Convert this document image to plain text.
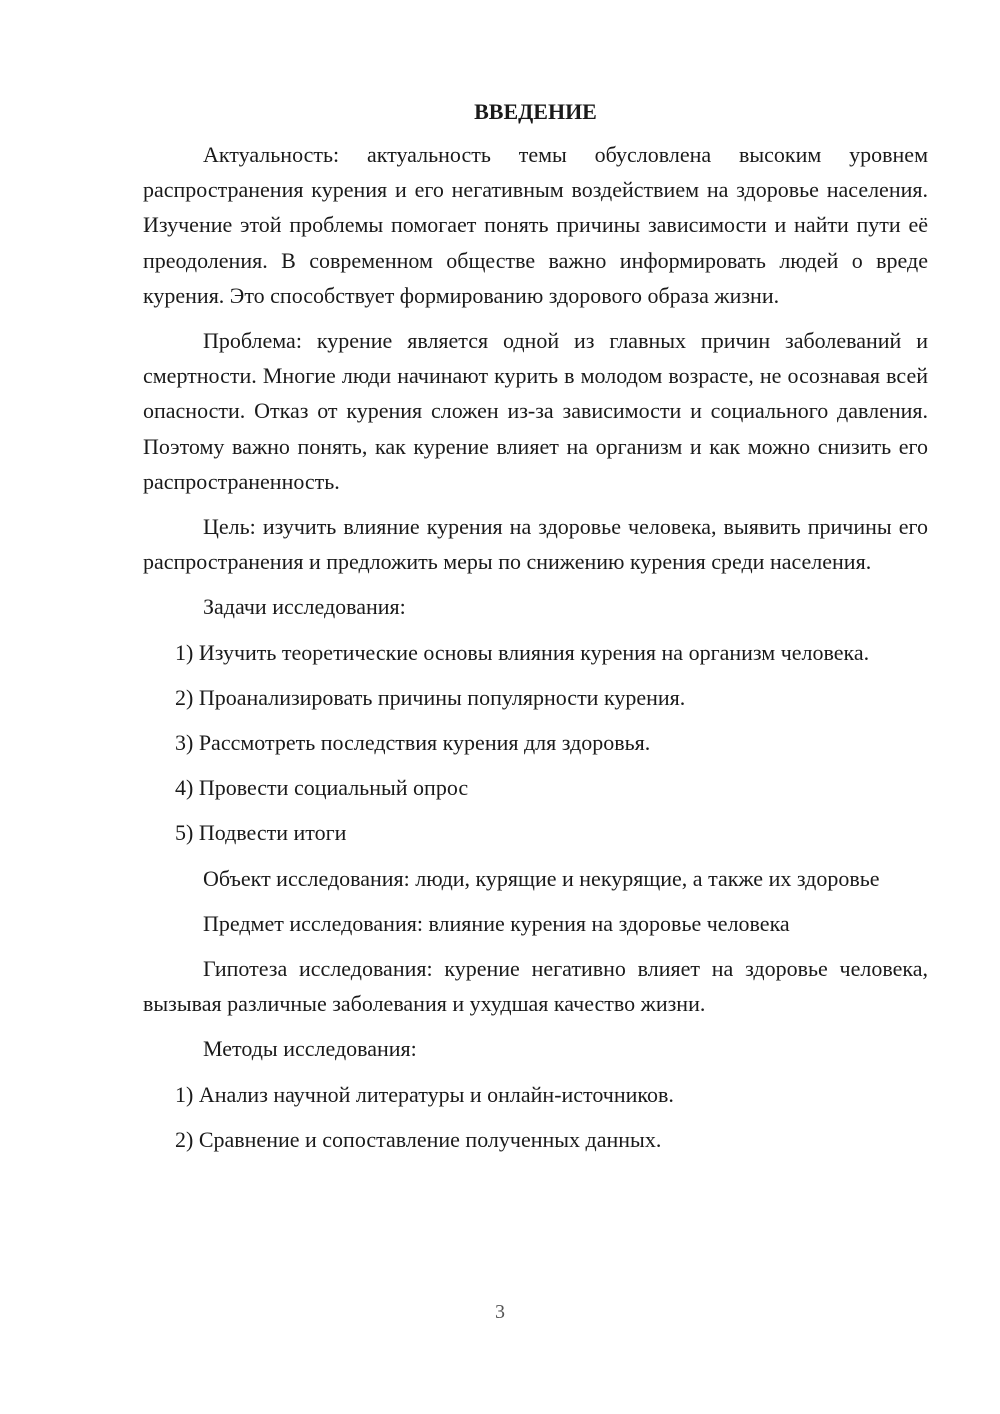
ВВЕДЕНИЕ

Актуальность: актуальность темы обусловлена высоким уровнем распространения курения и его негативным воздействием на здоровье населения. Изучение этой проблемы помогает понять причины зависимости и найти пути её преодоления. В современном обществе важно информировать людей о вреде курения. Это способствует формированию здорового образа жизни.

Проблема: курение является одной из главных причин заболеваний и смертности. Многие люди начинают курить в молодом возрасте, не осознавая всей опасности. Отказ от курения сложен из-за зависимости и социального давления. Поэтому важно понять, как курение влияет на организм и как можно снизить его распространенность.

Цель: изучить влияние курения на здоровье человека, выявить причины его распространения и предложить меры по снижению курения среди населения.

Задачи исследования:

1) Изучить теоретические основы влияния курения на организм человека.

2) Проанализировать причины популярности курения.

3) Рассмотреть последствия курения для здоровья.

4) Провести социальный опрос

5) Подвести итоги

Объект исследования: люди, курящие и некурящие, а также их здоровье

Предмет исследования: влияние курения на здоровье человека

Гипотеза исследования: курение негативно влияет на здоровье человека, вызывая различные заболевания и ухудшая качество жизни.

Методы исследования:

1) Анализ научной литературы и онлайн-источников.

2) Сравнение и сопоставление полученных данных.

3
